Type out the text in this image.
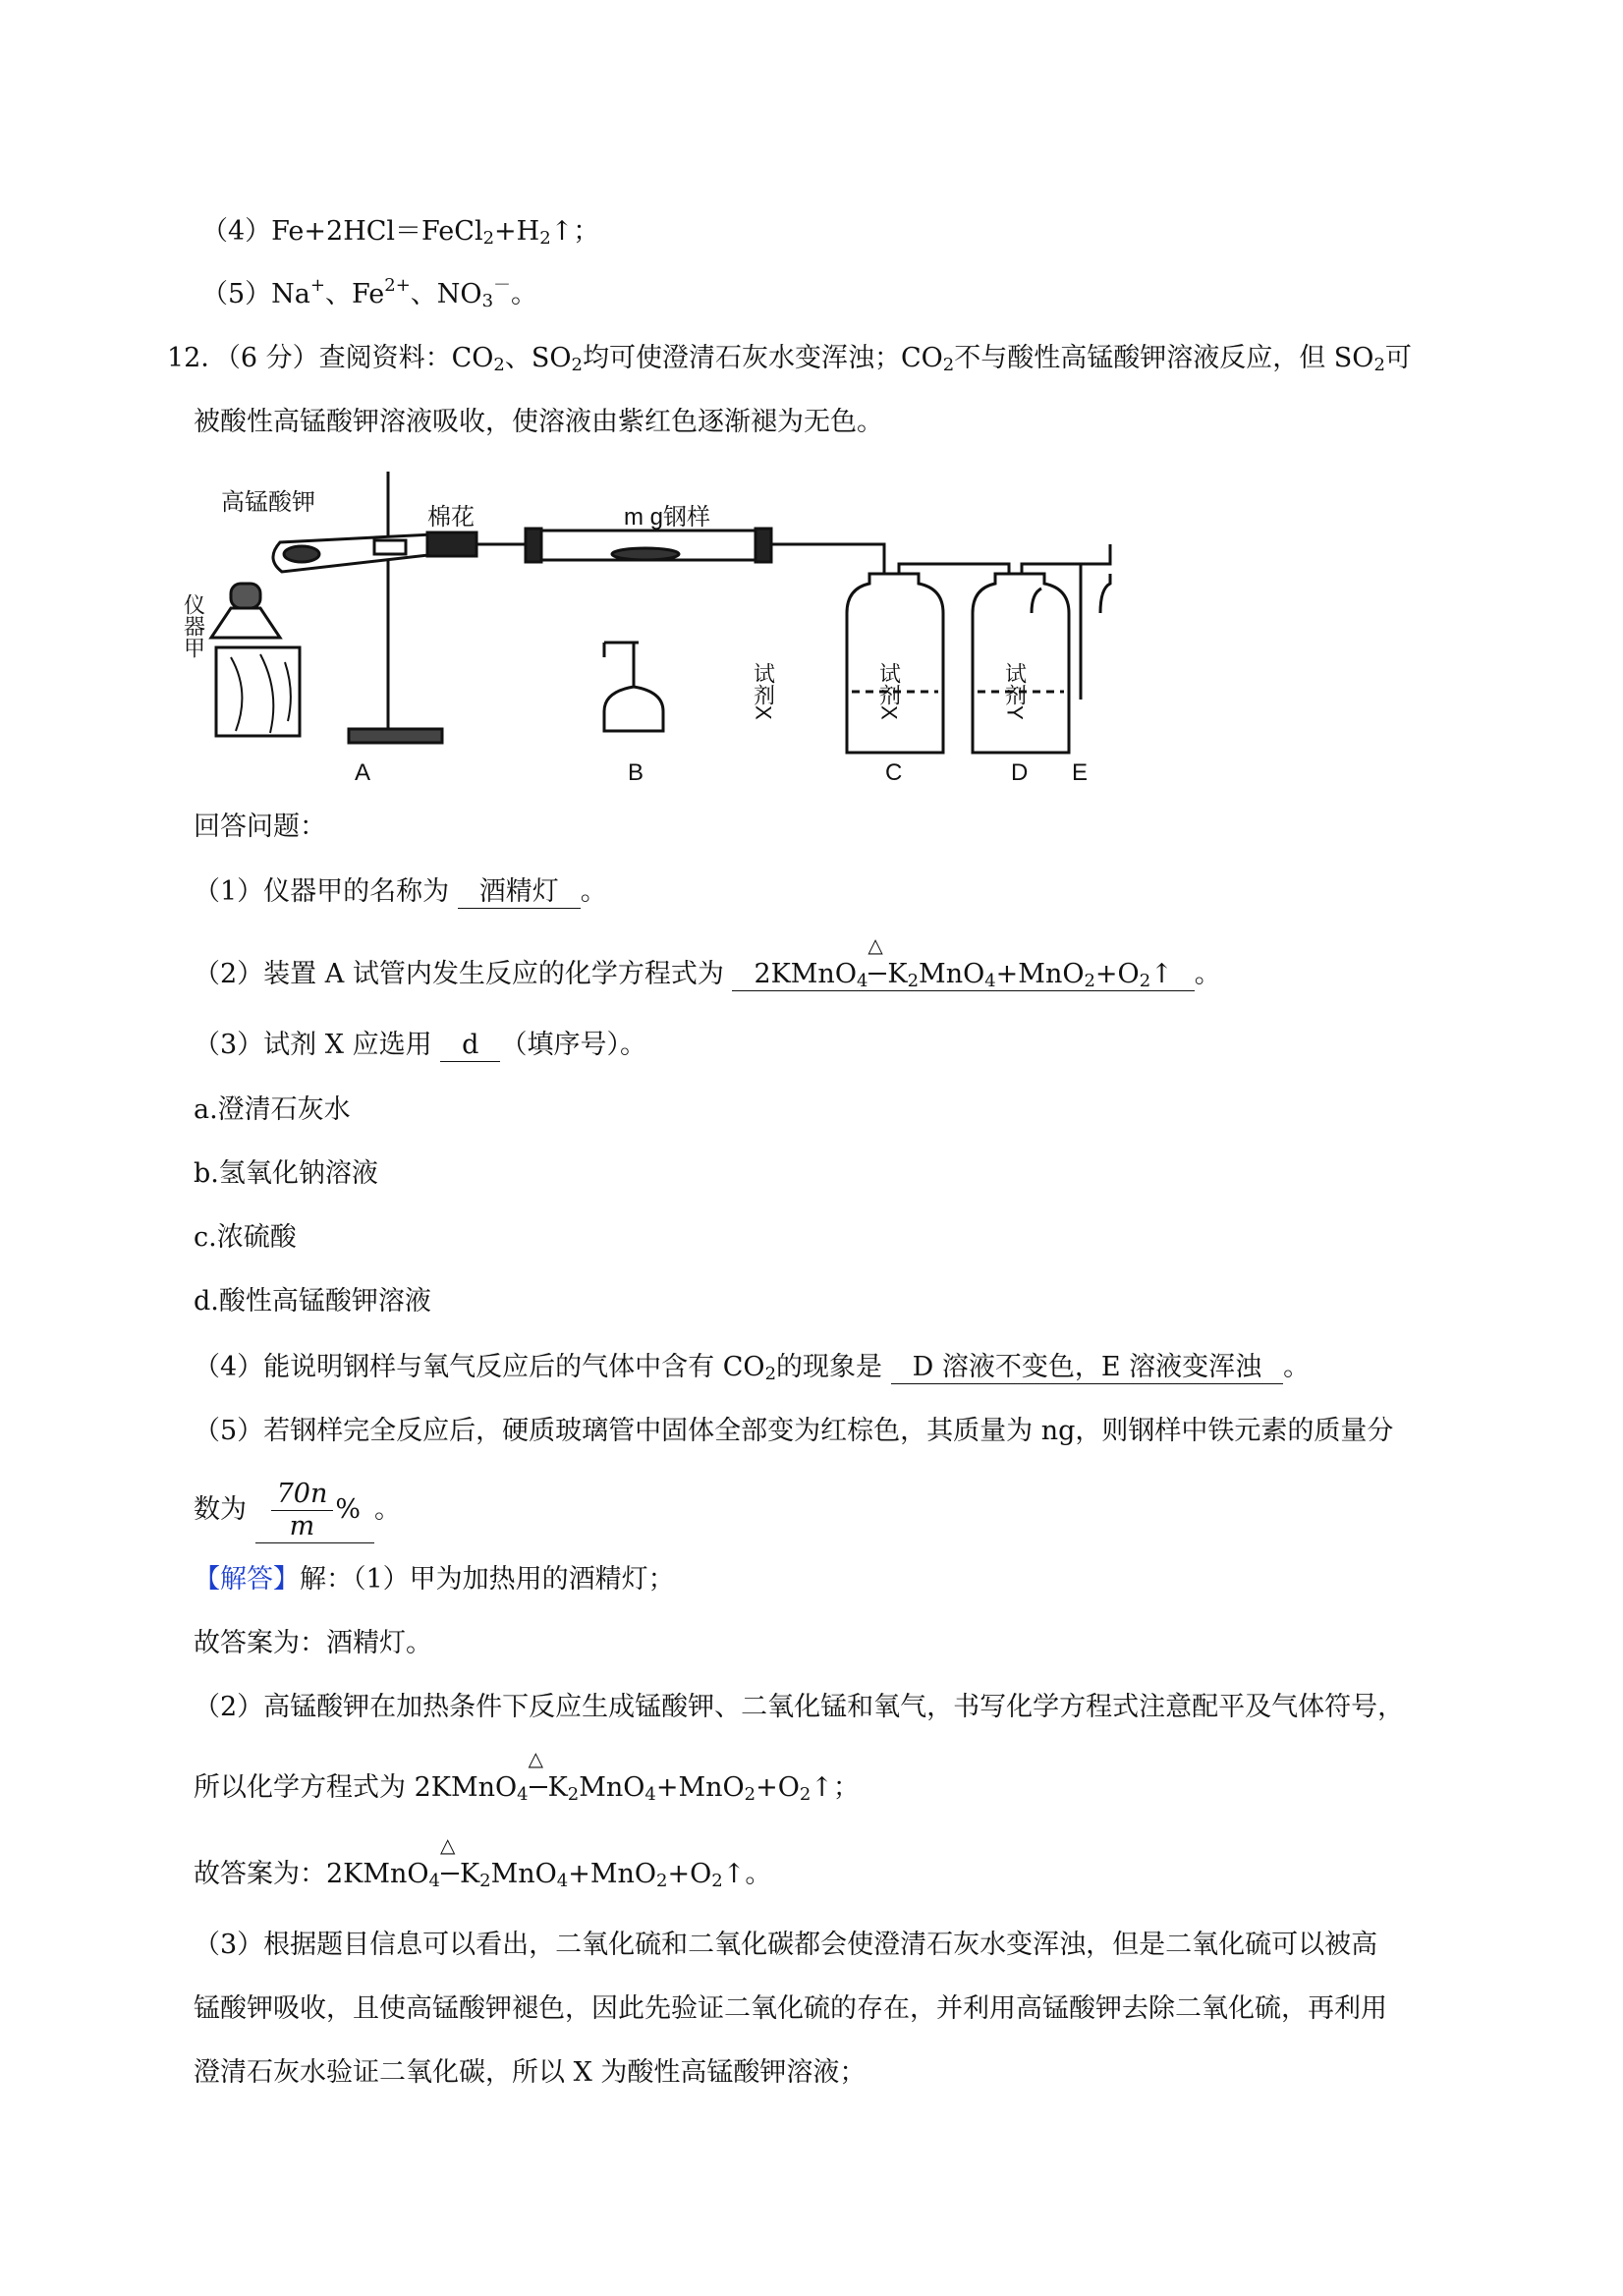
$(4)Fe+2HCl=FeCl_2+H_2↑$；
（5）Na+、$Fe^{2+}$、$NO_3^-$。
12．（6 分）查阅资料：$CO_2$、$SO_2$均可使澄清石灰水变浑浊；$CO_2$不与酸性高锰酸钾溶液反应，但 $SO_2$可
被酸性高锰酸钾溶液吸收，使溶液由紫红色逐渐褪为无色。
高锰酸钾
棉花	m g钢样
A	B	C	D E
仪器甲
试剂X	试剂X	试剂Y
回答问题：
（1）仪器甲的名称为 酒精灯 。
（2）装置 A 试管内发生反应的化学方程式为 2KMnO$_4$
△
$K_2MnO_4+MnO_2+O_2↑$ 。
（3）试剂 X 应选用 d （填序号）。
a.澄清石灰水
b.氢氧化钠溶液
c.浓硫酸
d.酸性高锰酸钾溶液
（4）能说明钢样与氧气反应后的气体中含有 $CO_2$的现象是 D 溶液不变色，E 溶液变浑浊 。
（5）若钢样完全反应后，硬质玻璃管中固体全部变为红棕色，其质量为 ng，则钢样中铁元素的质量分
数为 $\frac{70n}{m}$ % 。
【解答】解：（1）甲为加热用的酒精灯；
故答案为：酒精灯。
（2）高锰酸钾在加热条件下反应生成锰酸钾、二氧化锰和氧气，书写化学方程式注意配平及气体符号，
所以化学方程式为 2KMnO$_4$
△
$K_2MnO_4+MnO_2+O_2↑$；
故答案为：2KMnO$_4$
△
$K_2MnO_4+MnO_2+O_2↑$。
（3）根据题目信息可以看出，二氧化硫和二氧化碳都会使澄清石灰水变浑浊，但是二氧化硫可以被高
锰酸钾吸收，且使高锰酸钾褪色，因此先验证二氧化硫的存在，并利用高锰酸钾去除二氧化硫，再利用
澄清石灰水验证二氧化碳，所以 X 为酸性高锰酸钾溶液；
